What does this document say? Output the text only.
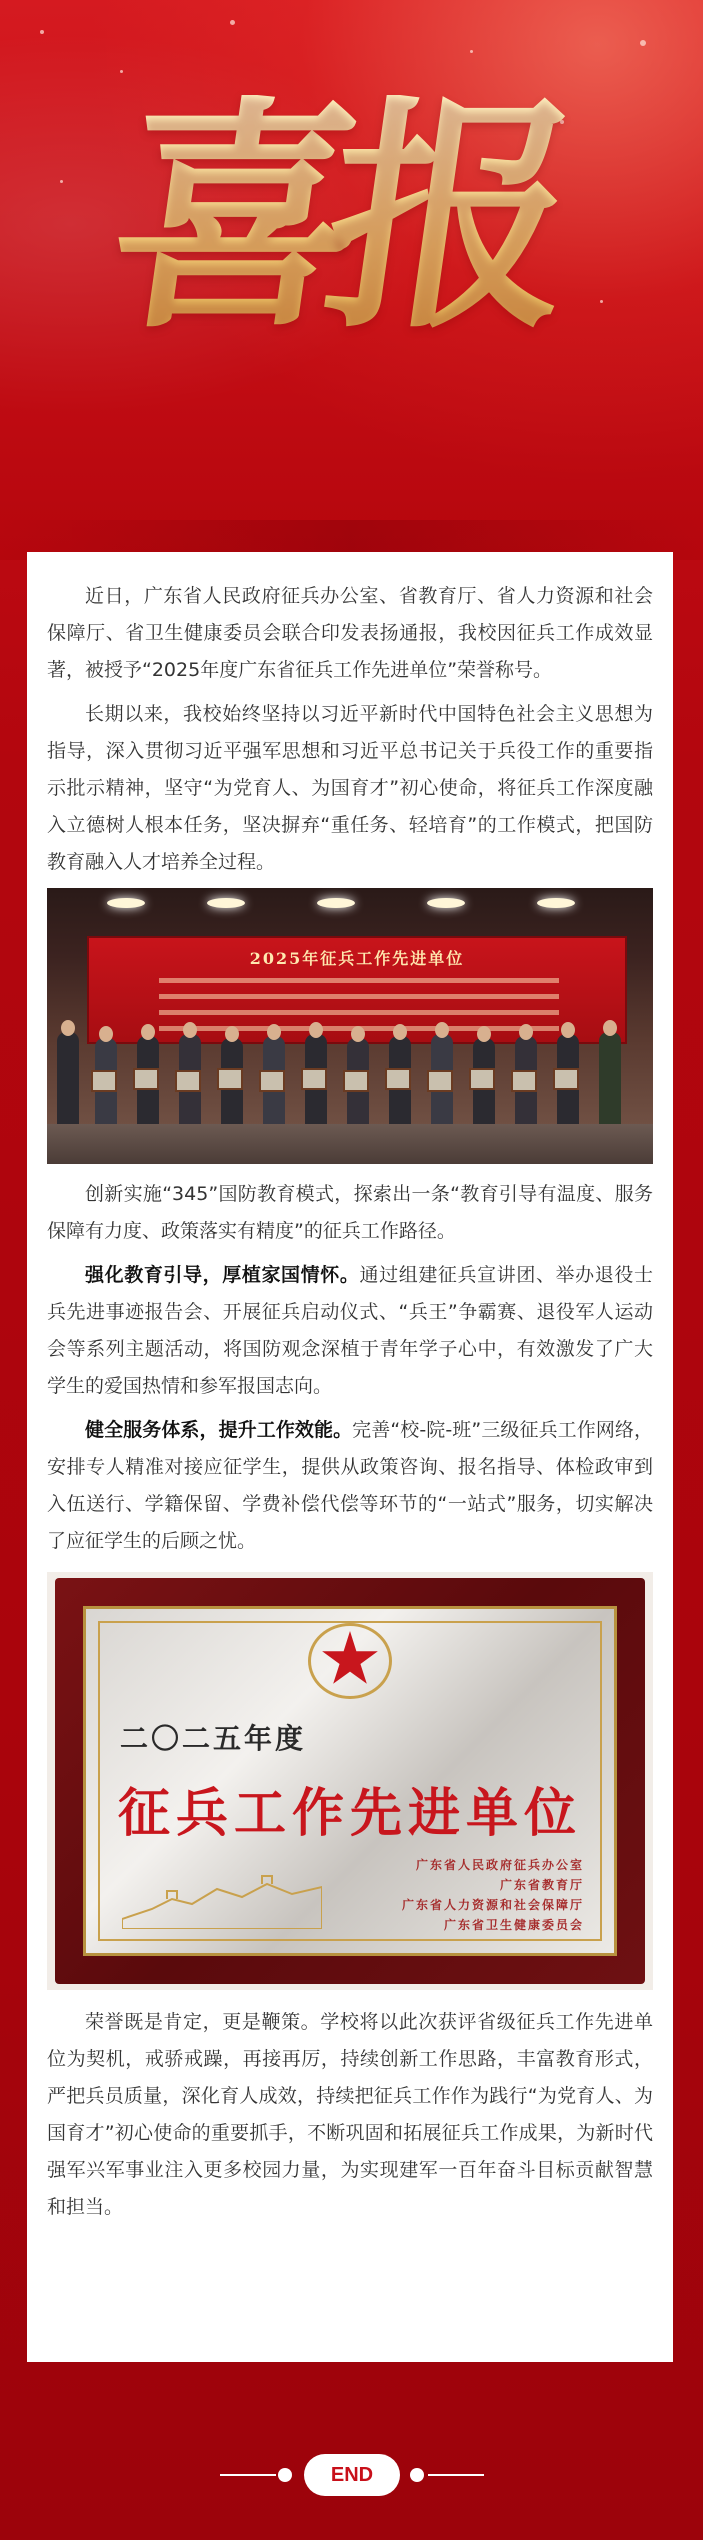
喜报

近日，广东省人民政府征兵办公室、省教育厅、省人力资源和社会保障厅、省卫生健康委员会联合印发表扬通报，我校因征兵工作成效显著，被授予“2025年度广东省征兵工作先进单位”荣誉称号。

长期以来，我校始终坚持以习近平新时代中国特色社会主义思想为指导，深入贯彻习近平强军思想和习近平总书记关于兵役工作的重要指示批示精神，坚守“为党育人、为国育才”初心使命，将征兵工作深度融入立德树人根本任务，坚决摒弃“重任务、轻培育”的工作模式，把国防教育融入人才培养全过程。

2025年征兵工作先进单位

创新实施“345”国防教育模式，探索出一条“教育引导有温度、服务保障有力度、政策落实有精度”的征兵工作路径。

强化教育引导，厚植家国情怀。通过组建征兵宣讲团、举办退役士兵先进事迹报告会、开展征兵启动仪式、“兵王”争霸赛、退役军人运动会等系列主题活动，将国防观念深植于青年学子心中，有效激发了广大学生的爱国热情和参军报国志向。

健全服务体系，提升工作效能。完善“校-院-班”三级征兵工作网络，安排专人精准对接应征学生，提供从政策咨询、报名指导、体检政审到入伍送行、学籍保留、学费补偿代偿等环节的“一站式”服务，切实解决了应征学生的后顾之忧。

二〇二五年度
征兵工作先进单位
广东省人民政府征兵办公室
广东省教育厅
广东省人力资源和社会保障厅
广东省卫生健康委员会

荣誉既是肯定，更是鞭策。学校将以此次获评省级征兵工作先进单位为契机，戒骄戒躁，再接再厉，持续创新工作思路，丰富教育形式，严把兵员质量，深化育人成效，持续把征兵工作作为践行“为党育人、为国育才”初心使命的重要抓手，不断巩固和拓展征兵工作成果，为新时代强军兴军事业注入更多校园力量，为实现建军一百年奋斗目标贡献智慧和担当。

END
